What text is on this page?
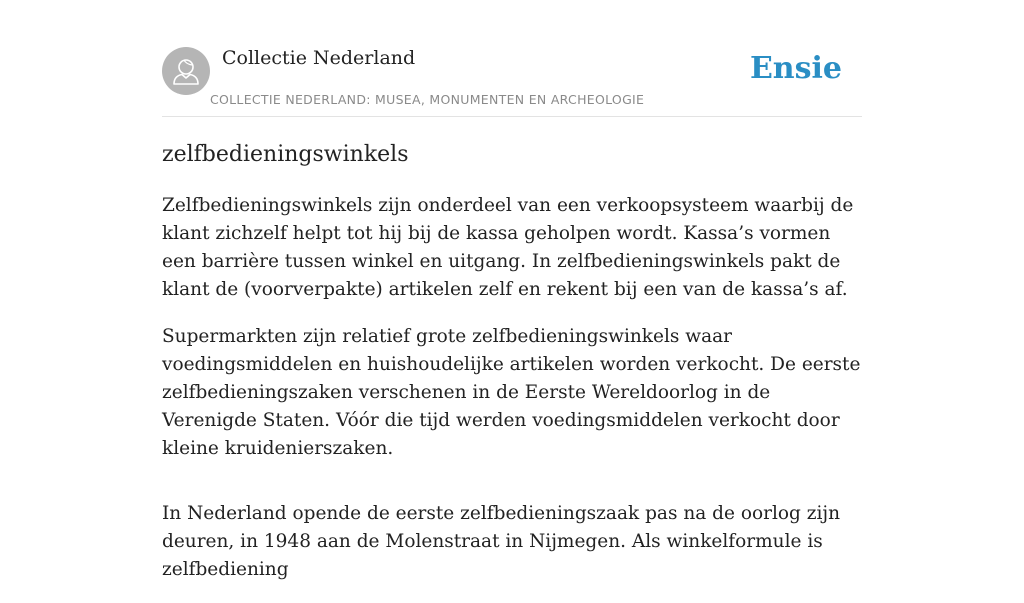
Collectie Nederland
COLLECTIE NEDERLAND: MUSEA, MONUMENTEN EN ARCHEOLOGIE
Ensie
zelfbedieningswinkels

Zelfbedieningswinkels zijn onderdeel van een verkoopsysteem waarbij de klant zichzelf helpt tot hij bij de kassa geholpen wordt. Kassa’s vormen een barrière tussen winkel en uitgang. In zelfbedieningswinkels pakt de klant de (voorverpakte) artikelen zelf en rekent bij een van de kassa’s af.

Supermarkten zijn relatief grote zelfbedieningswinkels waar voedingsmiddelen en huishoudelijke artikelen worden verkocht. De eerste zelfbedieningszaken verschenen in de Eerste Wereldoorlog in de Verenigde Staten. Vóór die tijd werden voedingsmiddelen verkocht door kleine kruidenierszaken.

In Nederland opende de eerste zelfbedieningszaak pas na de oorlog zijn deuren, in 1948 aan de Molenstraat in Nijmegen. Als winkelformule is zelfbediening
